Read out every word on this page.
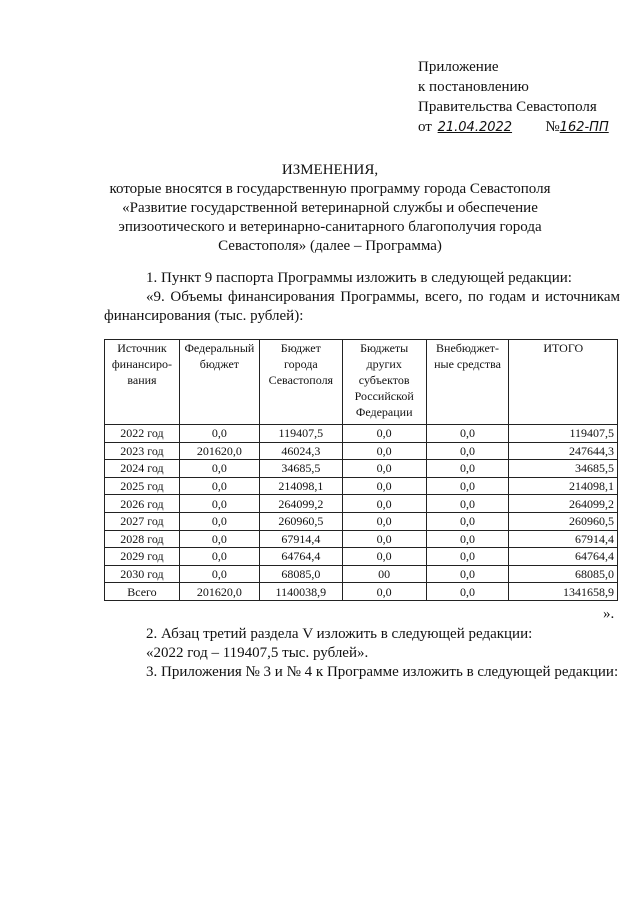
Приложение
к постановлению
Правительства Севастополя
от 21.04.2022 №162-ПП
ИЗМЕНЕНИЯ,
которые вносятся в государственную программу города Севастополя
«Развитие государственной ветеринарной службы и обеспечение
эпизоотического и ветеринарно-санитарного благополучия города
Севастополя» (далее – Программа)
1. Пункт 9 паспорта Программы изложить в следующей редакции:
«9. Объемы финансирования Программы, всего, по годам и источникам финансирования (тыс. рублей):
Источник финансиро-вания	Федеральный бюджет	Бюджет города Севастополя	Бюджеты других субъектов Российской Федерации	Внебюджет-ные средства	ИТОГО
2022 год	0,0	119407,5	0,0	0,0	119407,5
2023 год	201620,0	46024,3	0,0	0,0	247644,3
2024 год	0,0	34685,5	0,0	0,0	34685,5
2025 год	0,0	214098,1	0,0	0,0	214098,1
2026 год	0,0	264099,2	0,0	0,0	264099,2
2027 год	0,0	260960,5	0,0	0,0	260960,5
2028 год	0,0	67914,4	0,0	0,0	67914,4
2029 год	0,0	64764,4	0,0	0,0	64764,4
2030 год	0,0	68085,0	00	0,0	68085,0
Всего	201620,0	1140038,9	0,0	0,0	1341658,9
».
2. Абзац третий раздела V изложить в следующей редакции:
«2022 год – 119407,5 тыс. рублей».
3. Приложения № 3 и № 4 к Программе изложить в следующей редакции:
